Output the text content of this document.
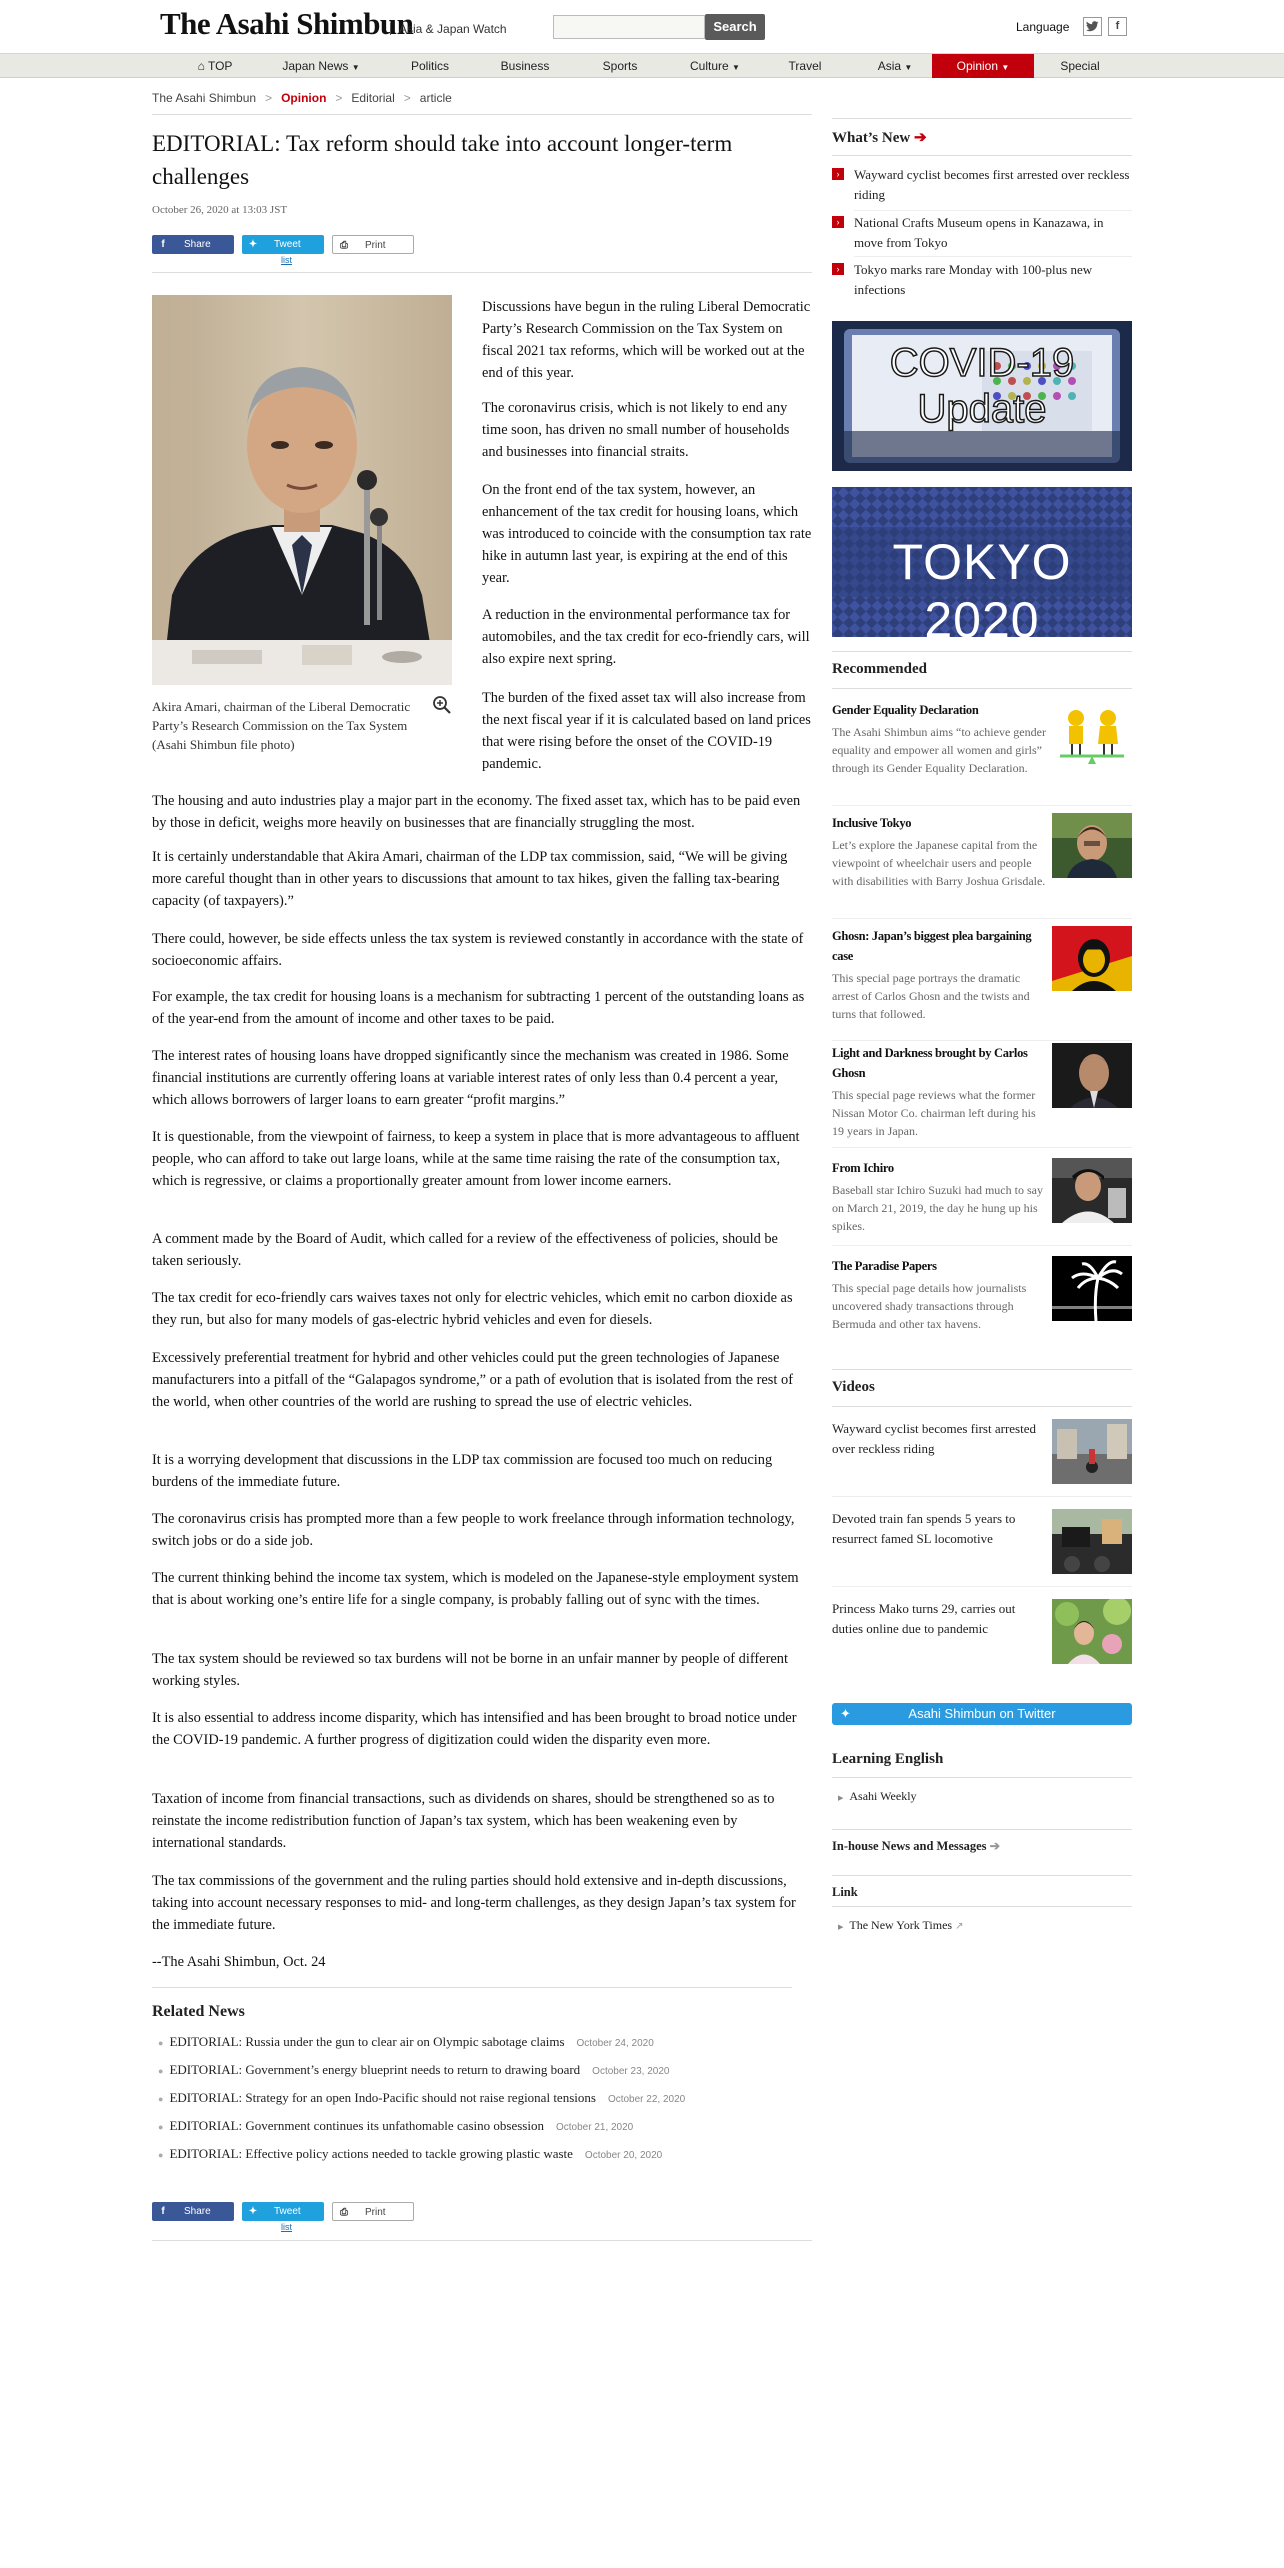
The Asahi Shimbun
Asia & Japan Watch	Search	Language	f
⌂ TOP	Japan News ▼	Politics	Business	Sports	Culture ▼	Travel	Asia ▼	Opinion ▼	Special
The Asahi Shimbun > Opinion > Editorial > article
EDITORIAL: Tax reform should take into account longer-term challenges
October 26, 2020 at 13:03 JST
f Share	✦ Tweet	⎙ Print
list
Akira Amari, chairman of the Liberal Democratic Party’s Research Commission on the Tax System (Asahi Shimbun file photo)

Discussions have begun in the ruling Liberal Democratic Party’s Research Commission on the Tax System on fiscal 2021 tax reforms, which will be worked out at the end of this year.

The coronavirus crisis, which is not likely to end any time soon, has driven no small number of households and businesses into financial straits.

On the front end of the tax system, however, an enhancement of the tax credit for housing loans, which was introduced to coincide with the consumption tax rate hike in autumn last year, is expiring at the end of this year.

A reduction in the environmental performance tax for automobiles, and the tax credit for eco-friendly cars, will also expire next spring.

The burden of the fixed asset tax will also increase from the next fiscal year if it is calculated based on land prices that were rising before the onset of the COVID-19 pandemic.

The housing and auto industries play a major part in the economy. The fixed asset tax, which has to be paid even by those in deficit, weighs more heavily on businesses that are financially struggling the most.

It is certainly understandable that Akira Amari, chairman of the LDP tax commission, said, “We will be giving more careful thought than in other years to discussions that amount to tax hikes, given the falling tax-bearing capacity (of taxpayers).”

There could, however, be side effects unless the tax system is reviewed constantly in accordance with the state of socioeconomic affairs.

For example, the tax credit for housing loans is a mechanism for subtracting 1 percent of the outstanding loans as of the year-end from the amount of income and other taxes to be paid.

The interest rates of housing loans have dropped significantly since the mechanism was created in 1986. Some financial institutions are currently offering loans at variable interest rates of only less than 0.4 percent a year, which allows borrowers of larger loans to earn greater “profit margins.”

It is questionable, from the viewpoint of fairness, to keep a system in place that is more advantageous to affluent people, who can afford to take out large loans, while at the same time raising the rate of the consumption tax, which is regressive, or claims a proportionally greater amount from lower income earners.

A comment made by the Board of Audit, which called for a review of the effectiveness of policies, should be taken seriously.

The tax credit for eco-friendly cars waives taxes not only for electric vehicles, which emit no carbon dioxide as they run, but also for many models of gas-electric hybrid vehicles and even for diesels.

Excessively preferential treatment for hybrid and other vehicles could put the green technologies of Japanese manufacturers into a pitfall of the “Galapagos syndrome,” or a path of evolution that is isolated from the rest of the world, when other countries of the world are rushing to spread the use of electric vehicles.

It is a worrying development that discussions in the LDP tax commission are focused too much on reducing burdens of the immediate future.

The coronavirus crisis has prompted more than a few people to work freelance through information technology, switch jobs or do a side job.

The current thinking behind the income tax system, which is modeled on the Japanese-style employment system that is about working one’s entire life for a single company, is probably falling out of sync with the times.

The tax system should be reviewed so tax burdens will not be borne in an unfair manner by people of different working styles.

It is also essential to address income disparity, which has intensified and has been brought to broad notice under the COVID-19 pandemic. A further progress of digitization could widen the disparity even more.

Taxation of income from financial transactions, such as dividends on shares, should be strengthened so as to reinstate the income redistribution function of Japan’s tax system, which has been weakening even by international standards.

The tax commissions of the government and the ruling parties should hold extensive and in-depth discussions, taking into account necessary responses to mid- and long-term challenges, as they design Japan’s tax system for the immediate future.

--The Asahi Shimbun, Oct. 24

Related News
● EDITORIAL: Russia under the gun to clear air on Olympic sabotage claims October 24, 2020
● EDITORIAL: Government’s energy blueprint needs to return to drawing board October 23, 2020
● EDITORIAL: Strategy for an open Indo-Pacific should not raise regional tensions October 22, 2020
● EDITORIAL: Government continues its unfathomable casino obsession October 21, 2020
● EDITORIAL: Effective policy actions needed to tackle growing plastic waste October 20, 2020
f Share	✦ Tweet	⎙ Print
list
What’s New ➔
›	Wayward cyclist becomes first arrested over reckless riding
›	National Crafts Museum opens in Kanazawa, in move from Tokyo
›	Tokyo marks rare Monday with 100-plus new infections
COVID-19
Update
TOKYO 2020
Recommended
Gender Equality Declaration
The Asahi Shimbun aims “to achieve gender equality and empower all women and girls” through its Gender Equality Declaration.
Inclusive Tokyo
Let’s explore the Japanese capital from the viewpoint of wheelchair users and people with disabilities with Barry Joshua Grisdale.
Ghosn: Japan’s biggest plea bargaining case
This special page portrays the dramatic arrest of Carlos Ghosn and the twists and turns that followed.
Light and Darkness brought by Carlos Ghosn
This special page reviews what the former Nissan Motor Co. chairman left during his 19 years in Japan.
From Ichiro
Baseball star Ichiro Suzuki had much to say on March 21, 2019, the day he hung up his spikes.
The Paradise Papers
This special page details how journalists uncovered shady transactions through Bermuda and other tax havens.
Videos
Wayward cyclist becomes first arrested over reckless riding
Devoted train fan spends 5 years to resurrect famed SL locomotive
Princess Mako turns 29, carries out duties online due to pandemic
✦	Asahi Shimbun on Twitter
Learning English
▶ Asahi Weekly
In-house News and Messages ➔
Link
▶ The New York Times ↗
